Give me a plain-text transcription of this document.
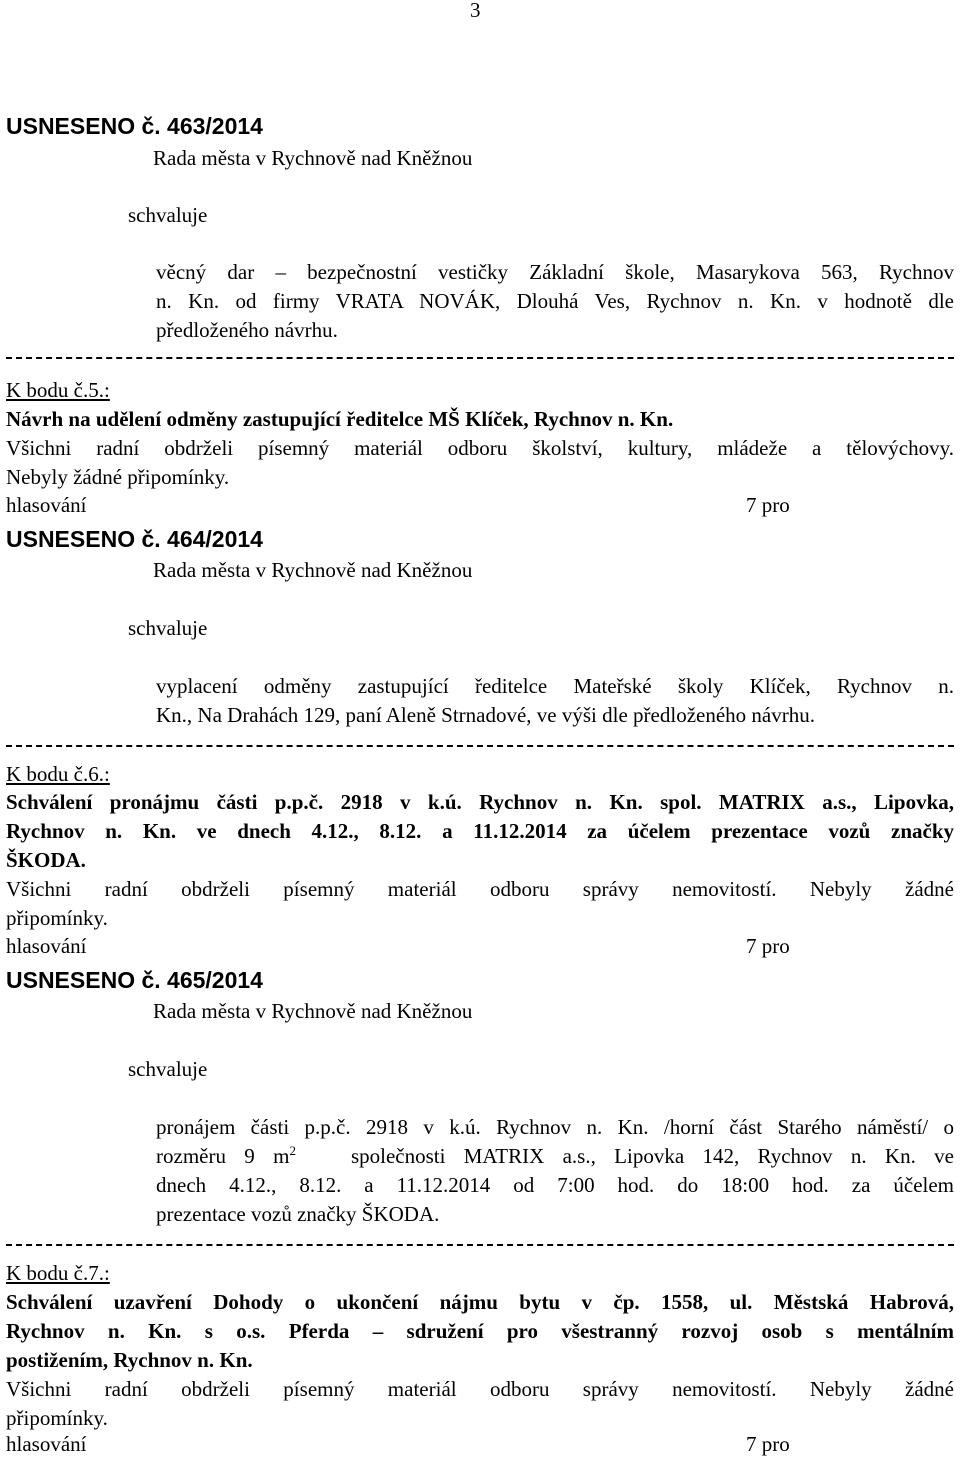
3
USNESENO č. 463/2014
Rada města v Rychnově nad Kněžnou
schvaluje
věcný dar – bezpečnostní vestičky Základní škole, Masarykova 563, Rychnov
n. Kn. od firmy VRATA NOVÁK, Dlouhá Ves, Rychnov n. Kn. v hodnotě dle
předloženého návrhu.
K bodu č.5.:
Návrh na udělení odměny zastupující ředitelce MŠ Klíček, Rychnov n. Kn.
Všichni radní obdrželi písemný materiál odboru školství, kultury, mládeže a tělovýchovy.
Nebyly žádné připomínky.
hlasování	7 pro
USNESENO č. 464/2014
Rada města v Rychnově nad Kněžnou
schvaluje
vyplacení odměny zastupující ředitelce Mateřské školy Klíček, Rychnov n.
Kn., Na Drahách 129, paní Aleně Strnadové, ve výši dle předloženého návrhu.
K bodu č.6.:
Schválení pronájmu části p.p.č. 2918 v k.ú. Rychnov n. Kn. spol. MATRIX a.s., Lipovka,
Rychnov n. Kn. ve dnech 4.12., 8.12. a 11.12.2014 za účelem prezentace vozů značky
ŠKODA.
Všichni radní obdrželi písemný materiál odboru správy nemovitostí. Nebyly žádné
připomínky.
hlasování	7 pro
USNESENO č. 465/2014
Rada města v Rychnově nad Kněžnou
schvaluje
pronájem části p.p.č. 2918 v k.ú. Rychnov n. Kn. /horní část Starého náměstí/ o
rozměru 9 $m^2$	společnosti MATRIX a.s., Lipovka 142, Rychnov n. Kn. ve
dnech 4.12., 8.12. a 11.12.2014 od 7:00 hod. do 18:00 hod. za účelem
prezentace vozů značky ŠKODA.
K bodu č.7.:
Schválení uzavření Dohody o ukončení nájmu bytu v čp. 1558, ul. Městská Habrová,
Rychnov n. Kn. s o.s. Pferda – sdružení pro všestranný rozvoj osob s mentálním
postižením, Rychnov n. Kn.
Všichni radní obdrželi písemný materiál odboru správy nemovitostí. Nebyly žádné
připomínky.
hlasování	7 pro
